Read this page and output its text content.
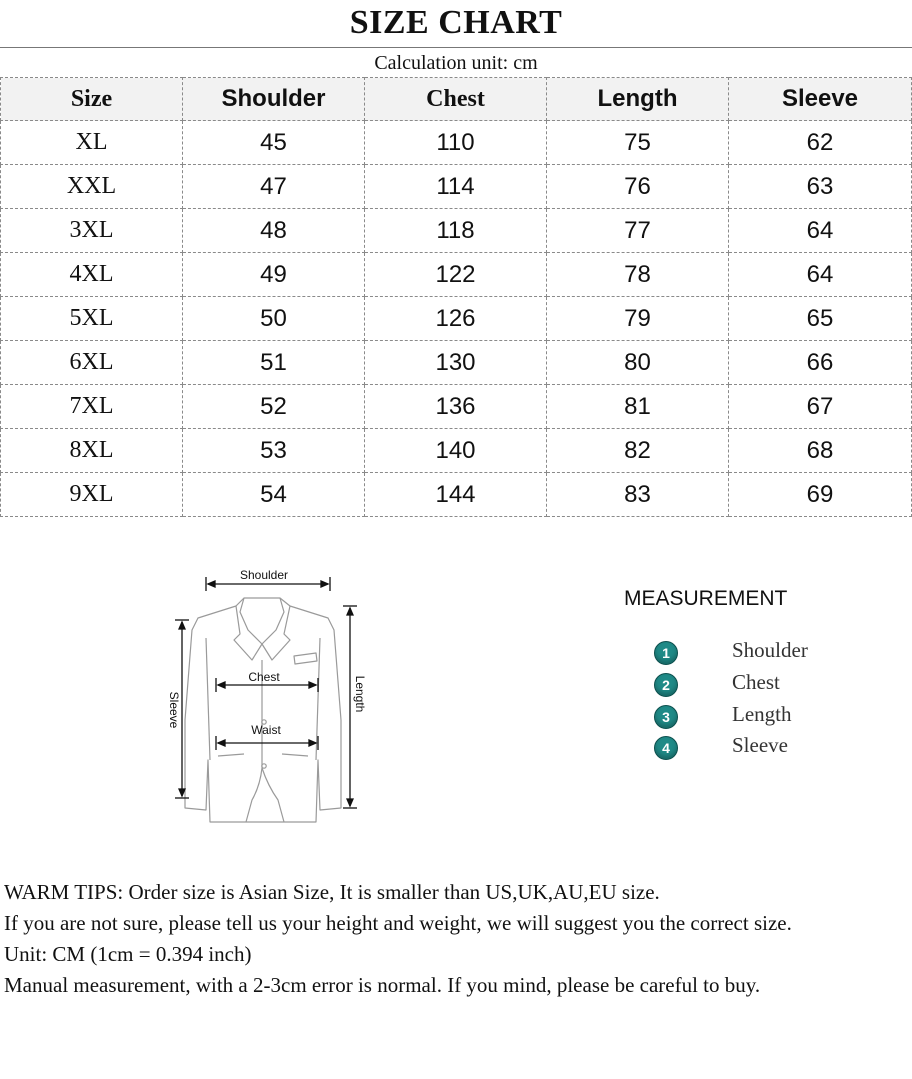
SIZE CHART
Calculation unit: cm
Size	Shoulder	Chest	Length	Sleeve
XL	45	110	75	62
XXL	47	114	76	63
3XL	48	118	77	64
4XL	49	122	78	64
5XL	50	126	79	65
6XL	51	130	80	66
7XL	52	136	81	67
8XL	53	140	82	68
9XL	54	144	83	69
Shoulder
Chest
Waist
Length
Sleeve
MEASUREMENT
1	Shoulder
2	Chest
3	Length
4	Sleeve
WARM TIPS: Order size is Asian Size, It is smaller than US,UK,AU,EU size.
If you are not sure, please tell us your height and weight, we will suggest you the correct size.
Unit: CM (1cm = 0.394 inch)
Manual measurement, with a 2-3cm error is normal. If you mind, please be careful to buy.
